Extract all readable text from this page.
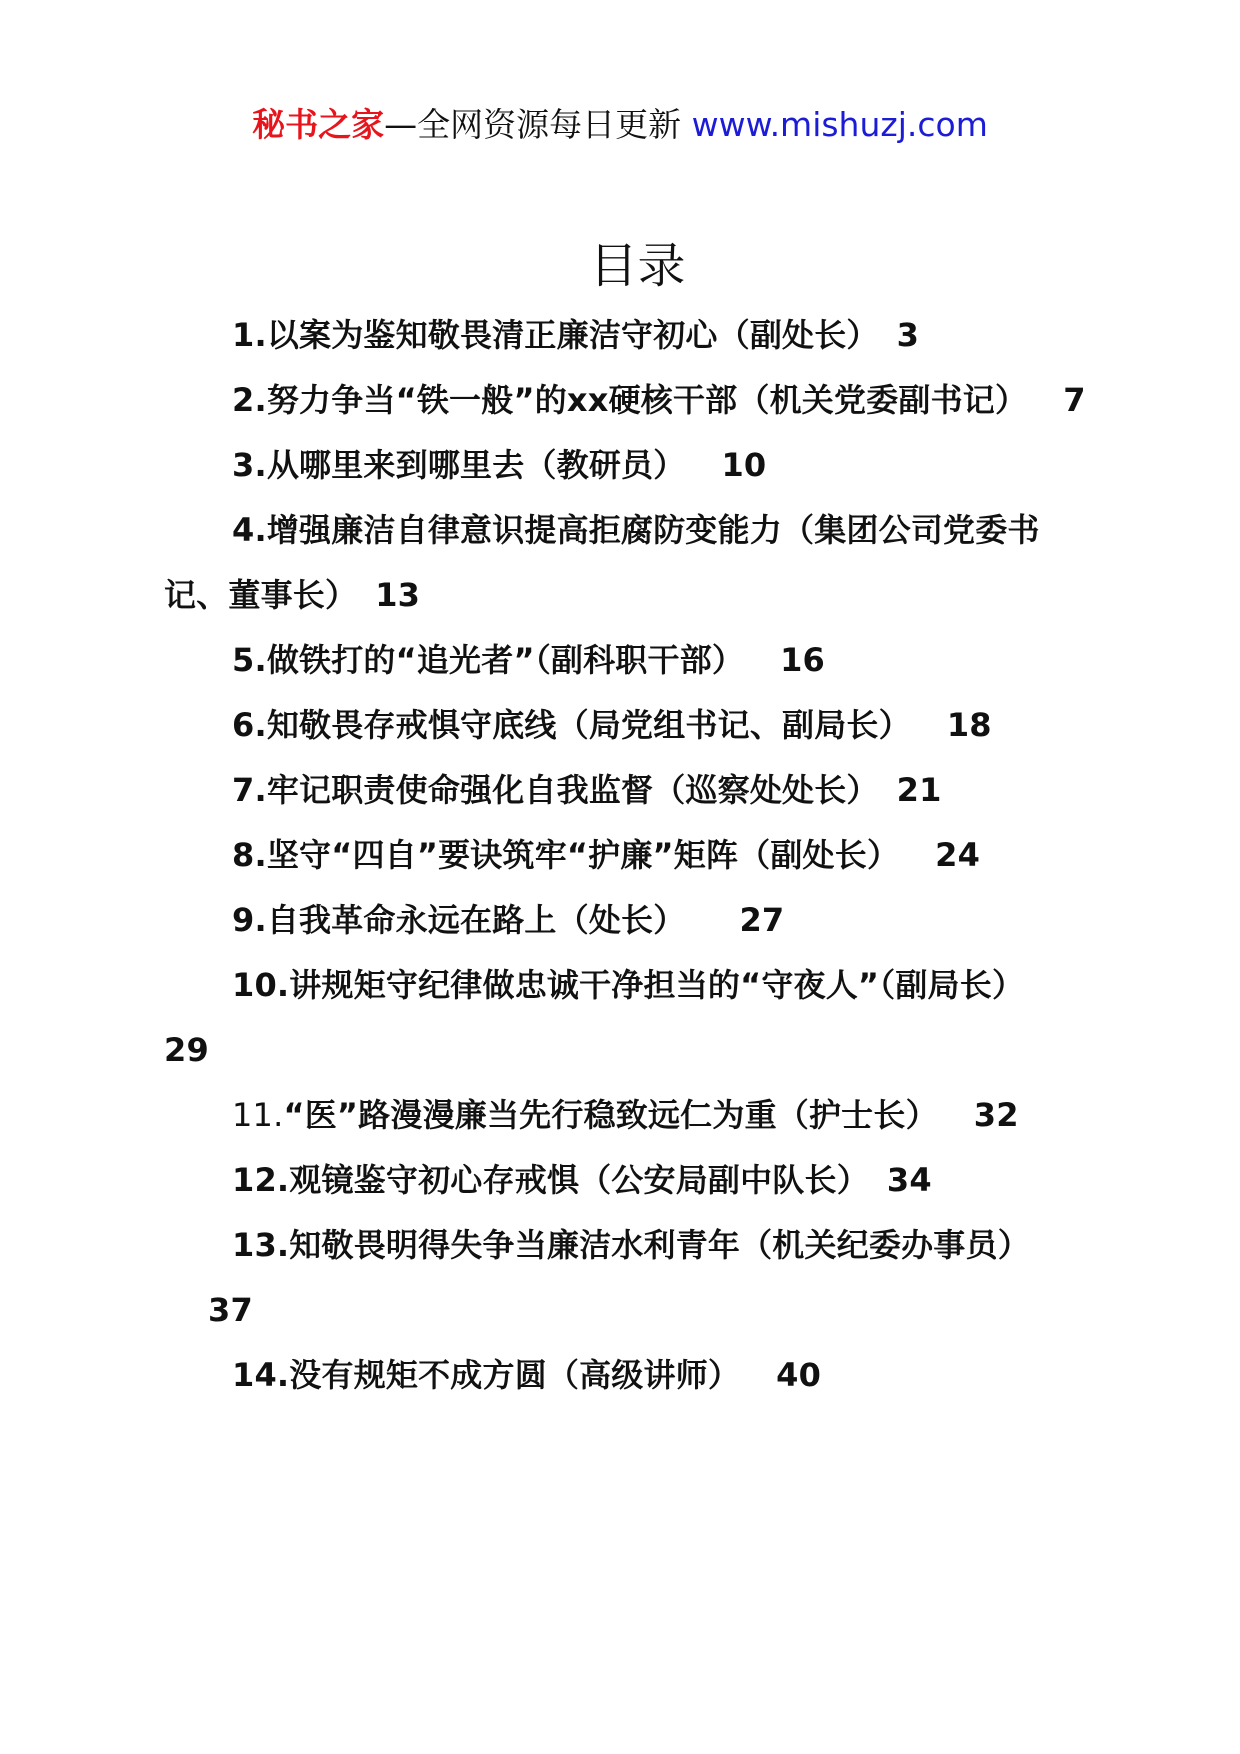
秘书之家—全网资源每日更新 www.mishuzj.com
目录

1.以案为鉴知敬畏清正廉洁守初心（副处长） 3

2.努力争当“铁一般”的xx硬核干部（机关党委副书记） 7

3.从哪里来到哪里去（教研员） 10

4.增强廉洁自律意识提高拒腐防变能力（集团公司党委书记、董事长） 13

5.做铁打的“追光者”（副科职干部） 16

6.知敬畏存戒惧守底线（局党组书记、副局长） 18

7.牢记职责使命强化自我监督（巡察处处长） 21

8.坚守“四自”要诀筑牢“护廉”矩阵（副处长） 24

9.自我革命永远在路上（处长） 27

10.讲规矩守纪律做忠诚干净担当的“守夜人”（副局长）29

11.“医”路漫漫廉当先行稳致远仁为重（护士长） 32

12.观镜鉴守初心存戒惧（公安局副中队长） 34

13.知敬畏明得失争当廉洁水利青年（机关纪委办事员）
37

14.没有规矩不成方圆（高级讲师） 40
